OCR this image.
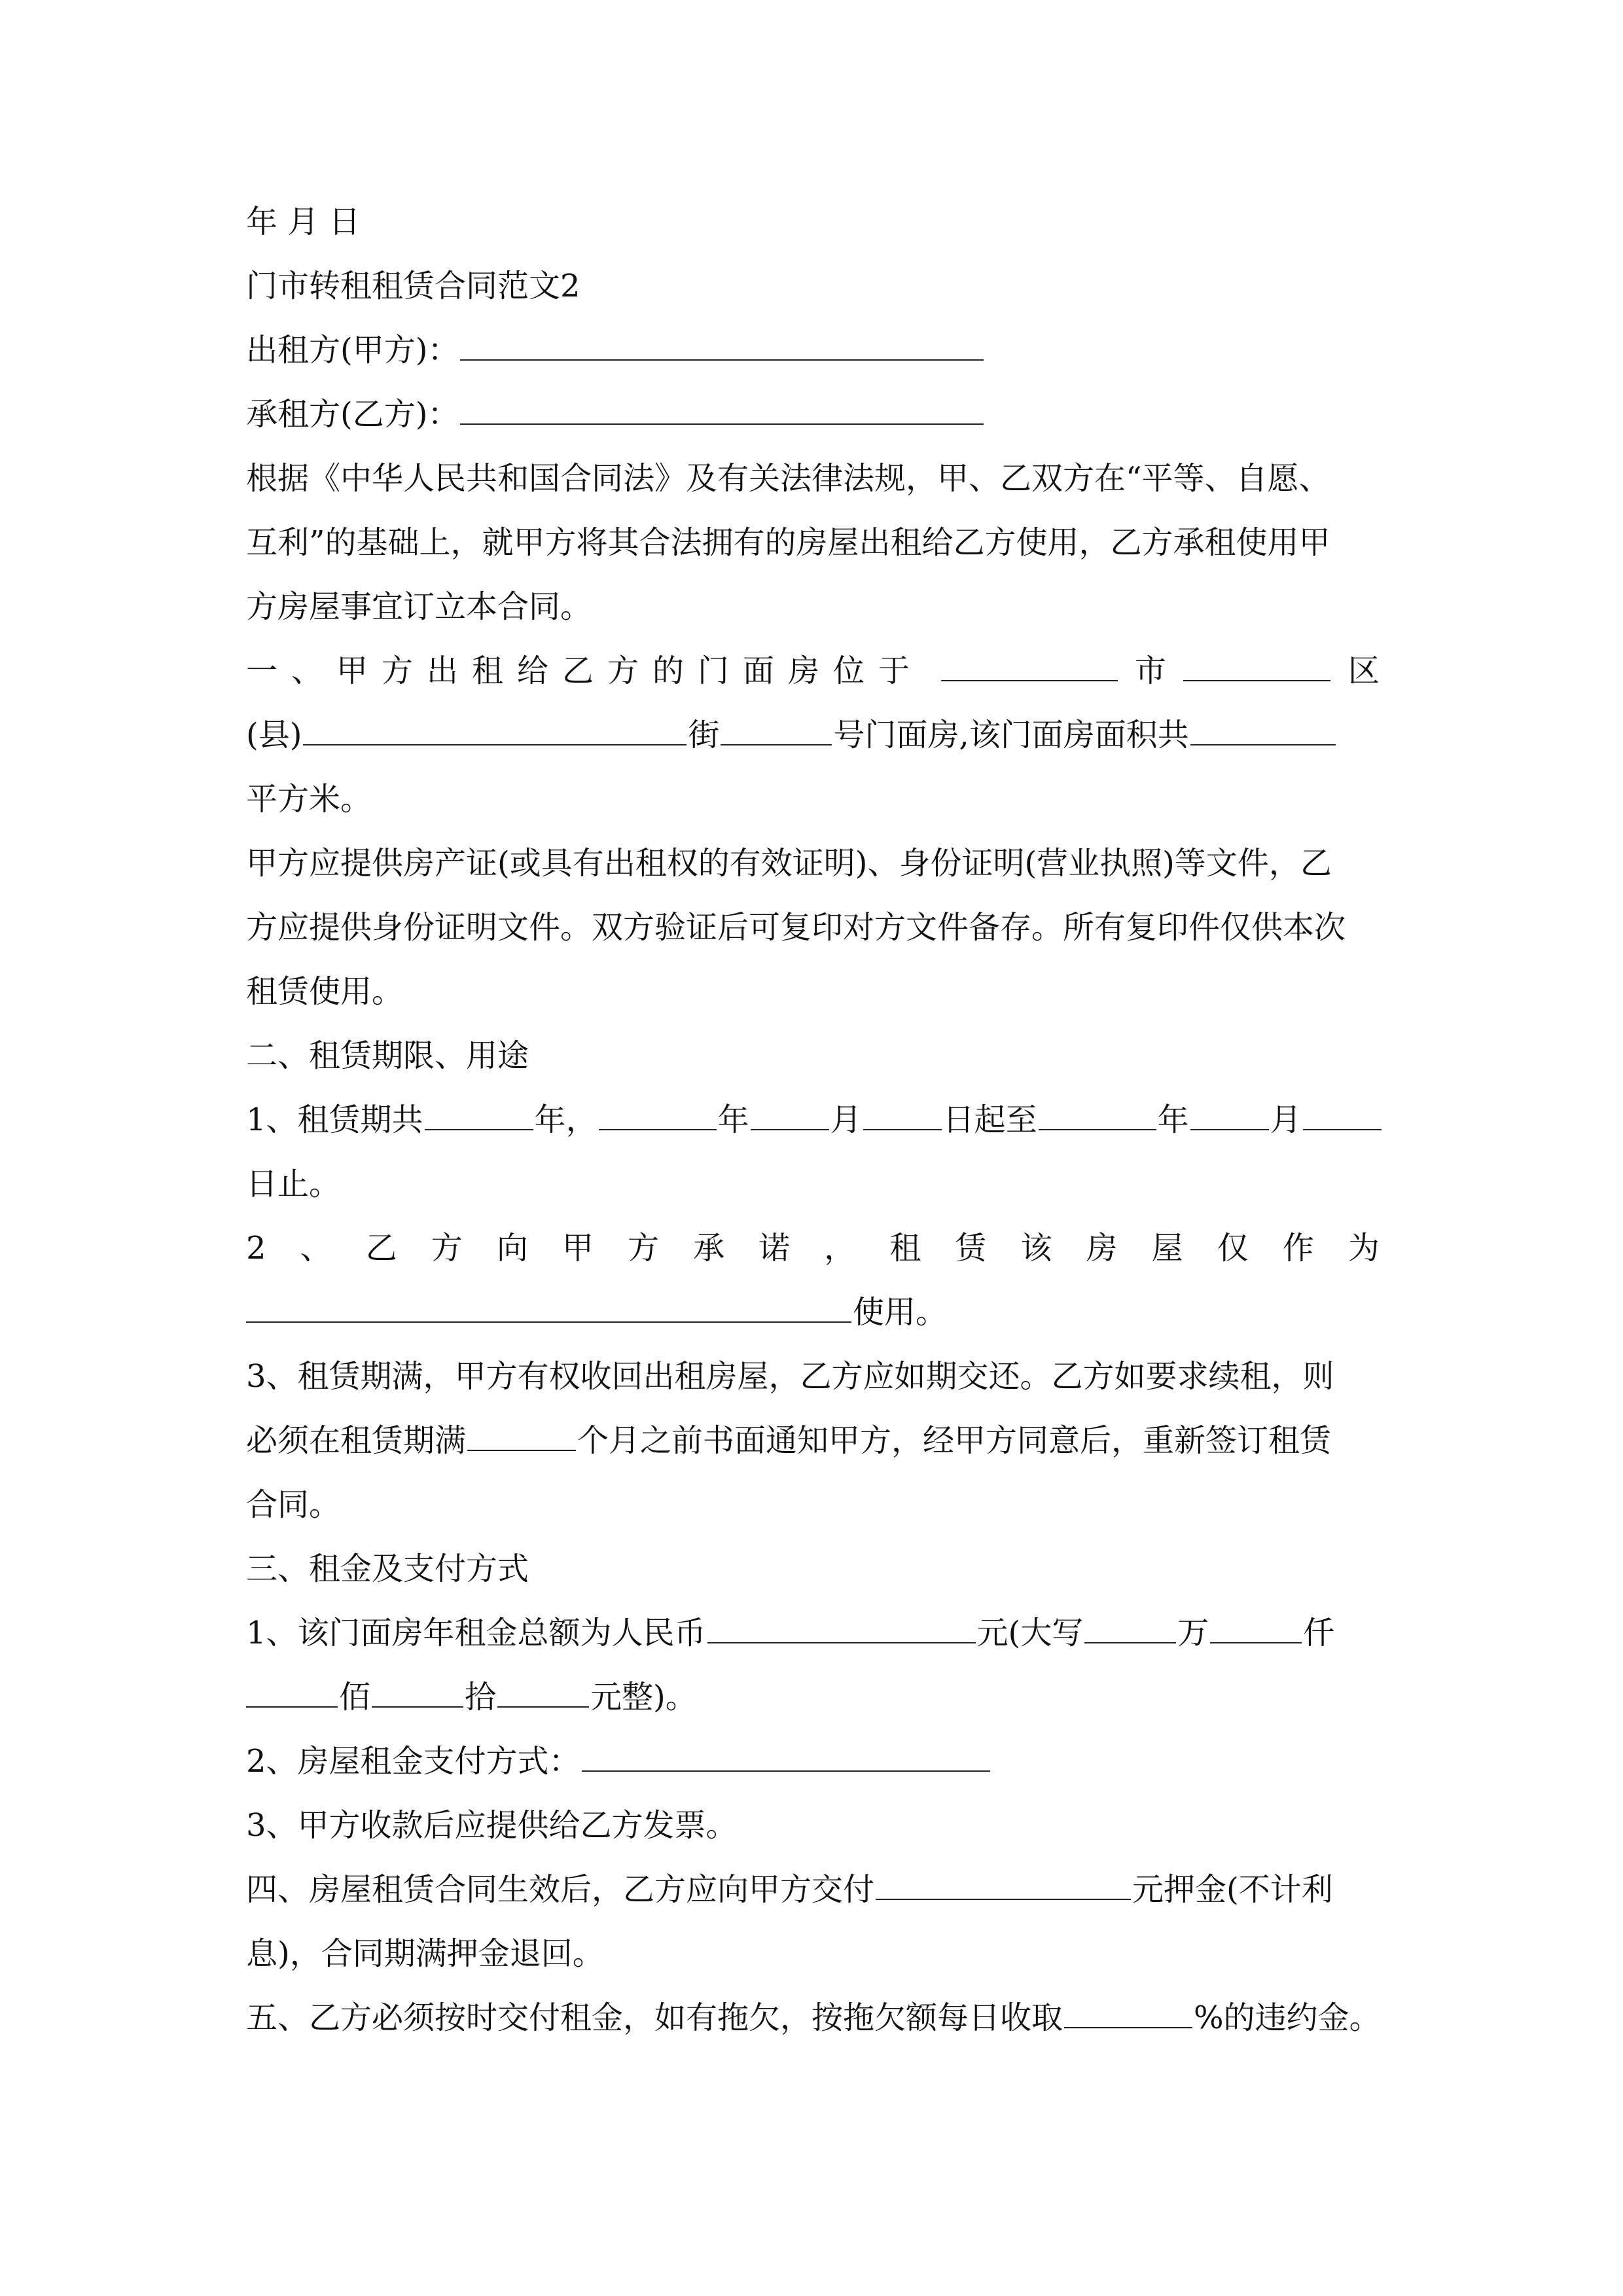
年 月 日
门市转租租赁合同范文2
出租方(甲方)：
承租方(乙方)：
根据《中华人民共和国合同法》及有关法律法规，甲、乙双方在“平等、自愿、
互利”的基础上，就甲方将其合法拥有的房屋出租给乙方使用，乙方承租使用甲
方房屋事宜订立本合同。
一、甲方出租给乙方的门面房位于	市	区
(县)	街	号门面房,该门面房面积共
平方米。
甲方应提供房产证(或具有出租权的有效证明)、身份证明(营业执照)等文件，乙
方应提供身份证明文件。双方验证后可复印对方文件备存。所有复印件仅供本次
租赁使用。
二、租赁期限、用途
1、租赁期共	年，	年	月	日起至	年	月
日止。
2 、 乙 方 向 甲 方 承 诺 ， 租 赁 该 房 屋 仅 作 为
使用。
3、租赁期满，甲方有权收回出租房屋，乙方应如期交还。乙方如要求续租，则
必须在租赁期满	个月之前书面通知甲方，经甲方同意后，重新签订租赁
合同。
三、租金及支付方式
1、该门面房年租金总额为人民币	元(大写	万	仟
佰	拾	元整)。
2、房屋租金支付方式：
3、甲方收款后应提供给乙方发票。
四、房屋租赁合同生效后，乙方应向甲方交付	元押金(不计利
息)，合同期满押金退回。
五、乙方必须按时交付租金，如有拖欠，按拖欠额每日收取	%的违约金。
